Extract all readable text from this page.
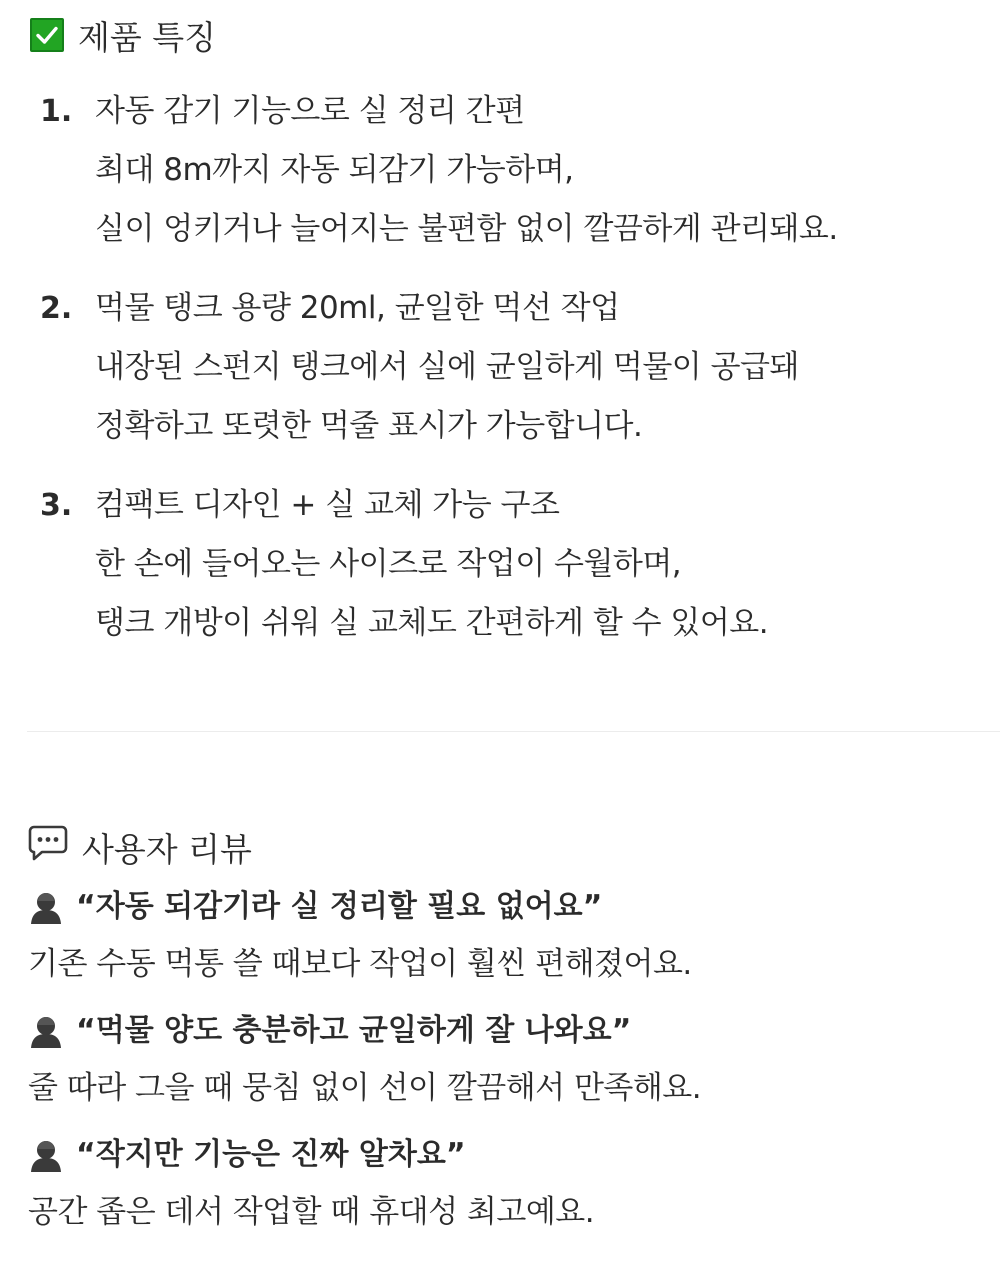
제품 특징
1. 자동 감기 기능으로 실 정리 간편
최대 8m까지 자동 되감기 가능하며,
실이 엉키거나 늘어지는 불편함 없이 깔끔하게 관리돼요.
2. 먹물 탱크 용량 20ml, 균일한 먹선 작업
내장된 스펀지 탱크에서 실에 균일하게 먹물이 공급돼
정확하고 또렷한 먹줄 표시가 가능합니다.
3. 컴팩트 디자인 + 실 교체 가능 구조
한 손에 들어오는 사이즈로 작업이 수월하며,
탱크 개방이 쉬워 실 교체도 간편하게 할 수 있어요.
사용자 리뷰
“자동 되감기라 실 정리할 필요 없어요”
기존 수동 먹통 쓸 때보다 작업이 훨씬 편해졌어요.
“먹물 양도 충분하고 균일하게 잘 나와요”
줄 따라 그을 때 뭉침 없이 선이 깔끔해서 만족해요.
“작지만 기능은 진짜 알차요”
공간 좁은 데서 작업할 때 휴대성 최고예요.
